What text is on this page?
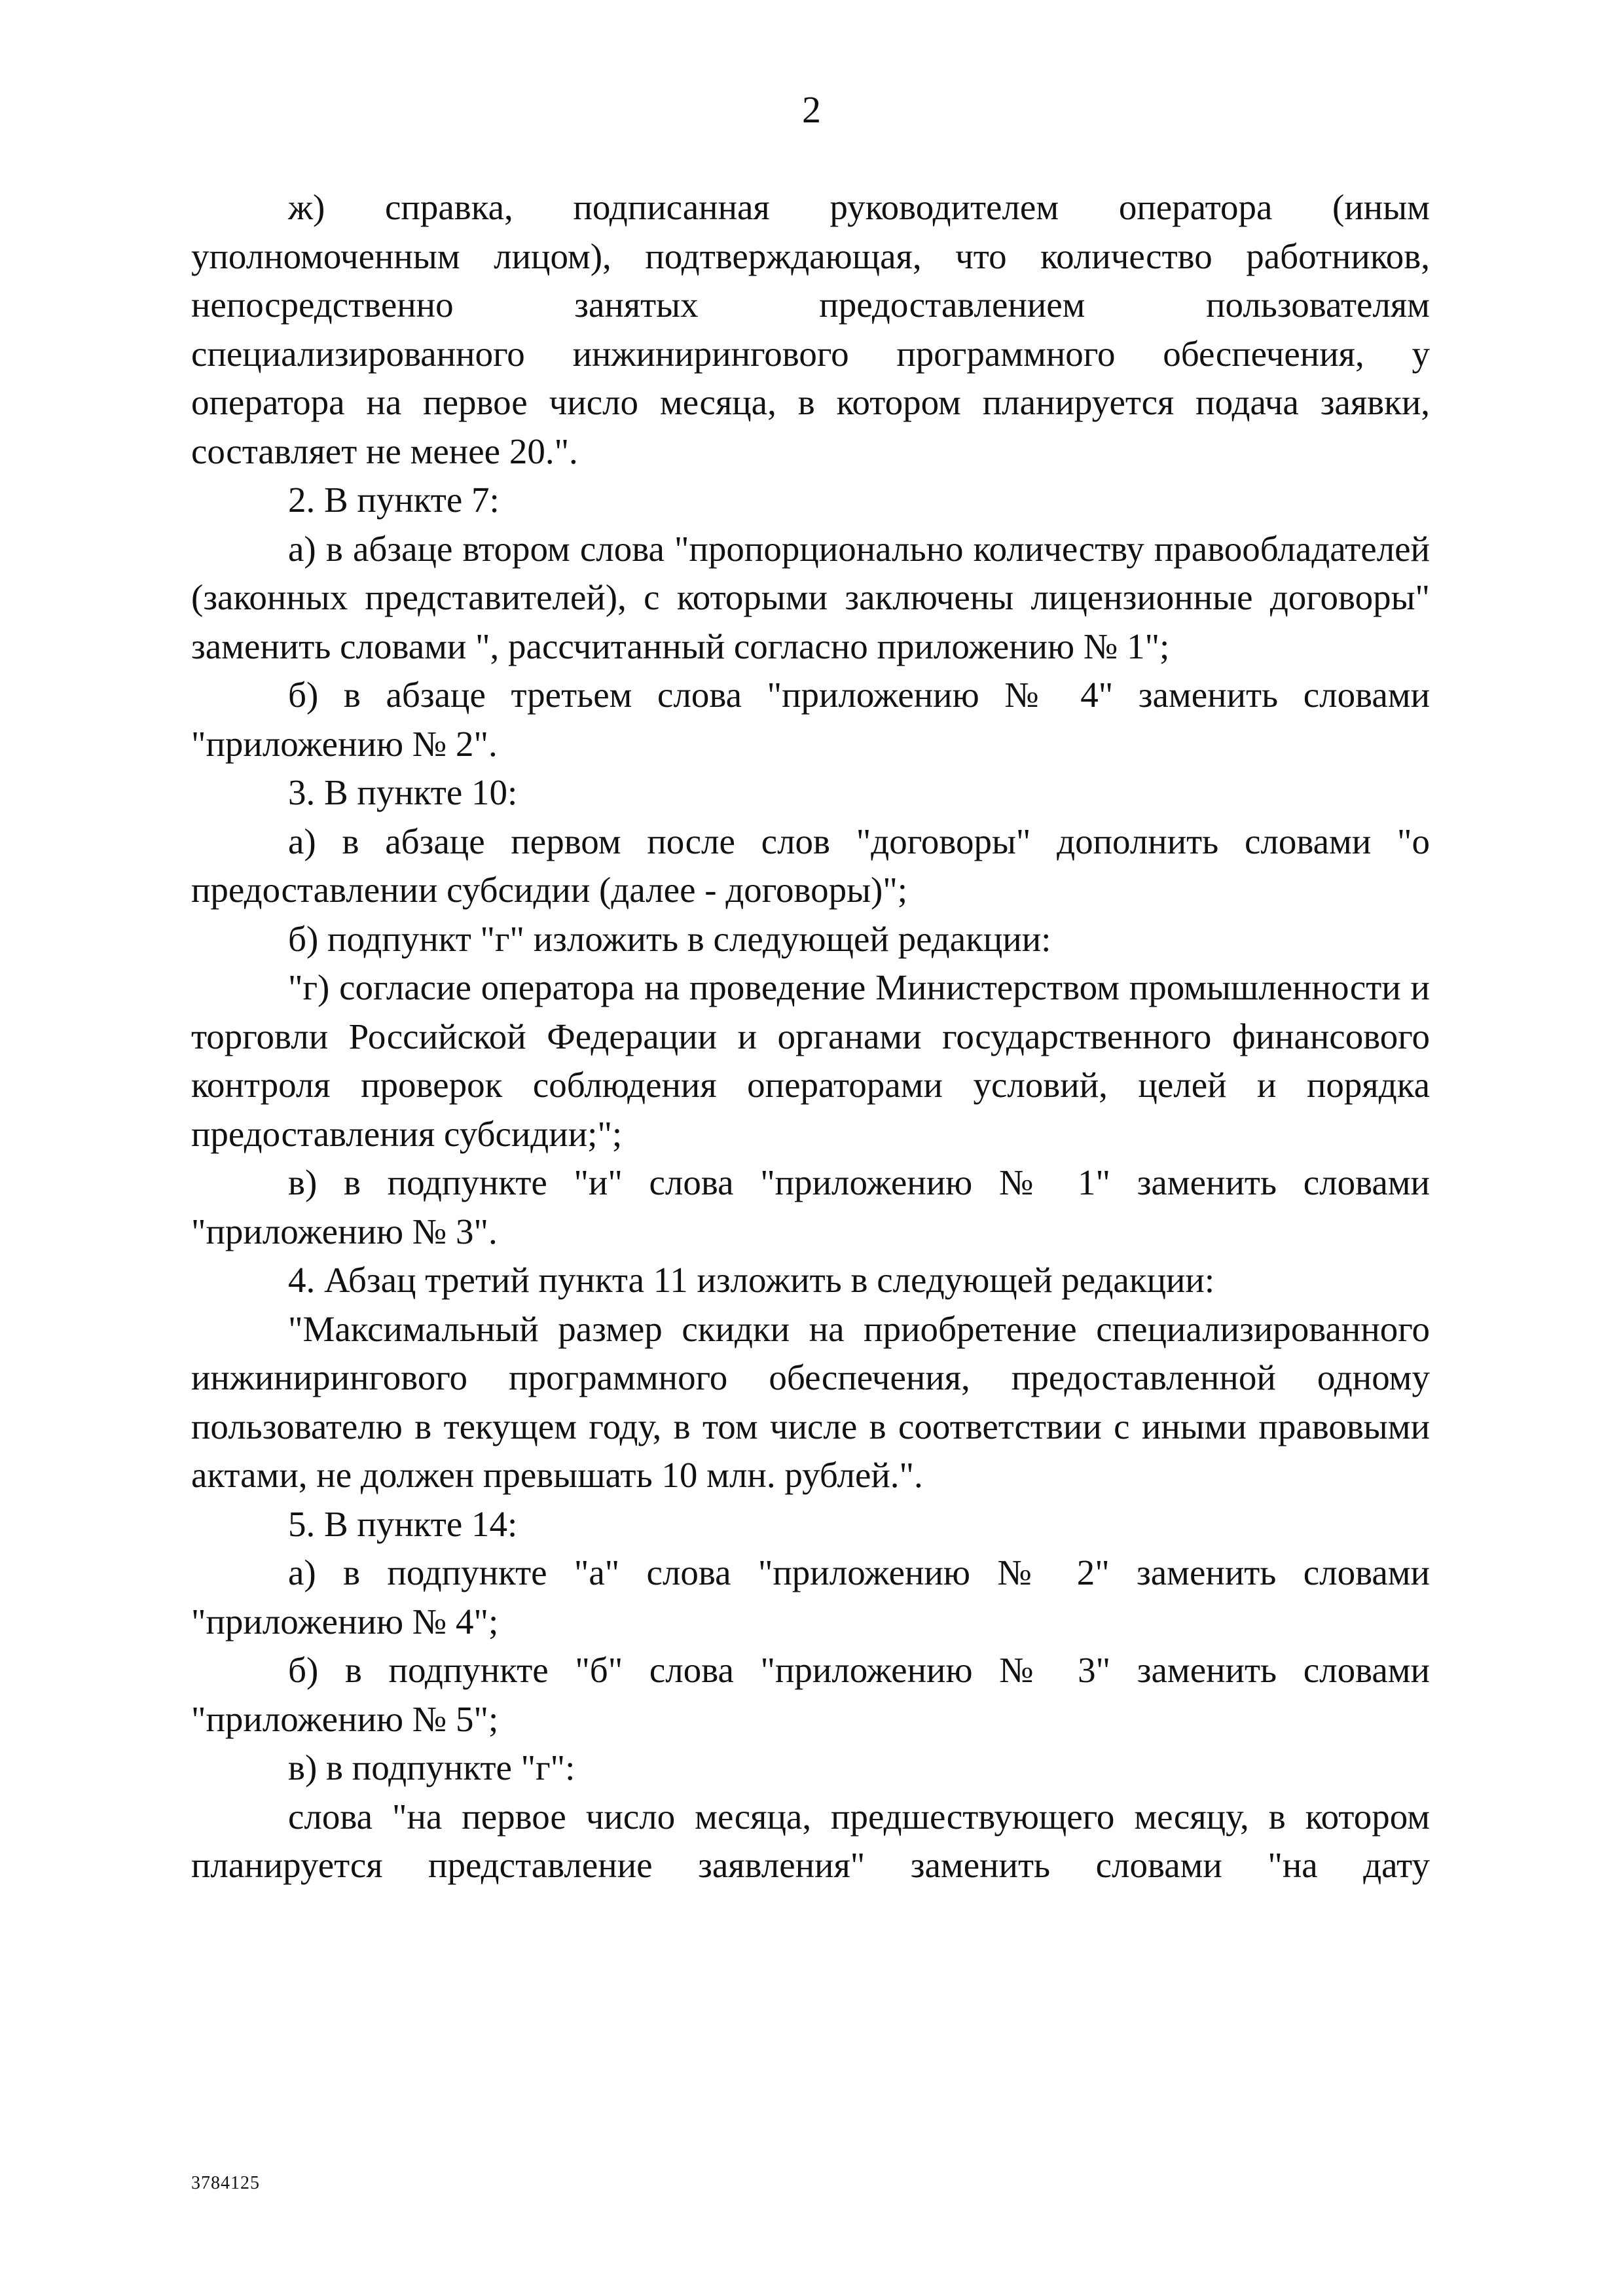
2

ж) справка, подписанная руководителем оператора (иным уполномоченным лицом), подтверждающая, что количество работников, непосредственно занятых предоставлением пользователям специализированного инжинирингового программного обеспечения, у оператора на первое число месяца, в котором планируется подача заявки, составляет не менее 20.".

2. В пункте 7:

а) в абзаце втором слова "пропорционально количеству правообладателей (законных представителей), с которыми заключены лицензионные договоры" заменить словами ", рассчитанный согласно приложению № 1";

б) в абзаце третьем слова "приложению № 4" заменить словами "приложению № 2".

3. В пункте 10:

а) в абзаце первом после слов "договоры" дополнить словами "о предоставлении субсидии (далее - договоры)";

б) подпункт "г" изложить в следующей редакции:

"г) согласие оператора на проведение Министерством промышленности и торговли Российской Федерации и органами государственного финансового контроля проверок соблюдения операторами условий, целей и порядка предоставления субсидии;";

в) в подпункте "и" слова "приложению № 1" заменить словами "приложению № 3".

4. Абзац третий пункта 11 изложить в следующей редакции:

"Максимальный размер скидки на приобретение специализированного инжинирингового программного обеспечения, предоставленной одному пользователю в текущем году, в том числе в соответствии с иными правовыми актами, не должен превышать 10 млн. рублей.".

5. В пункте 14:

а) в подпункте "а" слова "приложению № 2" заменить словами "приложению № 4";

б) в подпункте "б" слова "приложению № 3" заменить словами "приложению № 5";

в) в подпункте "г":

слова "на первое число месяца, предшествующего месяцу, в котором планируется представление заявления" заменить словами "на дату

3784125
